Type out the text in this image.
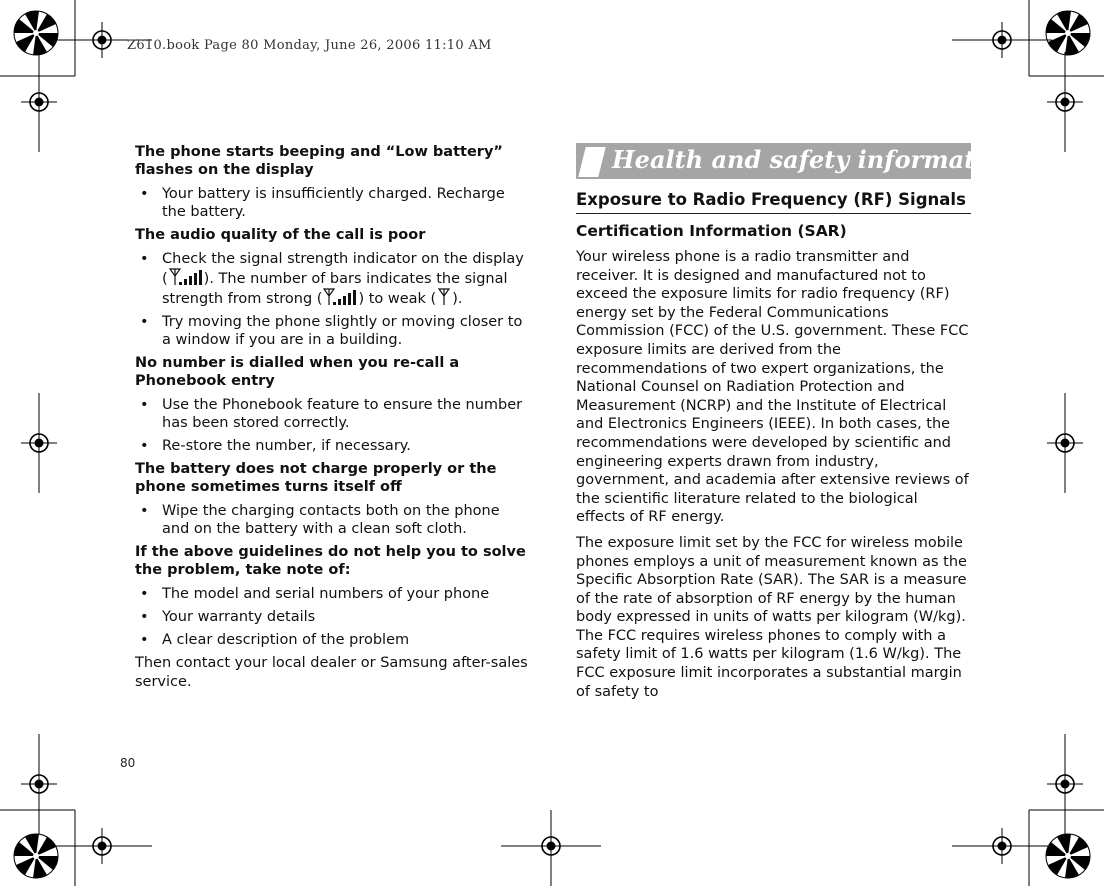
Z610.book Page 80 Monday, June 26, 2006 11:10 AM
The phone starts beeping and “Low battery” flashes on the display
• Your battery is insufficiently charged. Recharge the battery.
The audio quality of the call is poor
• Check the signal strength indicator on the display ( ). The number of bars indicates the signal strength from strong ( ) to weak ( ).
• Try moving the phone slightly or moving closer to a window if you are in a building.
No number is dialled when you re-call a Phonebook entry
• Use the Phonebook feature to ensure the number has been stored correctly.
• Re-store the number, if necessary.
The battery does not charge properly or the phone sometimes turns itself off
• Wipe the charging contacts both on the phone and on the battery with a clean soft cloth.
If the above guidelines do not help you to solve the problem, take note of:
• The model and serial numbers of your phone
• Your warranty details
• A clear description of the problem

Then contact your local dealer or Samsung after-sales service.

Health and safety information
Exposure to Radio Frequency (RF) Signals
Certification Information (SAR)

Your wireless phone is a radio transmitter and receiver. It is designed and manufactured not to exceed the exposure limits for radio frequency (RF) energy set by the Federal Communications Commission (FCC) of the U.S. government. These FCC exposure limits are derived from the recommendations of two expert organizations, the National Counsel on Radiation Protection and Measurement (NCRP) and the Institute of Electrical and Electronics Engineers (IEEE). In both cases, the recommendations were developed by scientific and engineering experts drawn from industry, government, and academia after extensive reviews of the scientific literature related to the biological effects of RF energy.

The exposure limit set by the FCC for wireless mobile phones employs a unit of measurement known as the Specific Absorption Rate (SAR). The SAR is a measure of the rate of absorption of RF energy by the human body expressed in units of watts per kilogram (W/kg). The FCC requires wireless phones to comply with a safety limit of 1.6 watts per kilogram (1.6 W/kg). The FCC exposure limit incorporates a substantial margin of safety to

80
